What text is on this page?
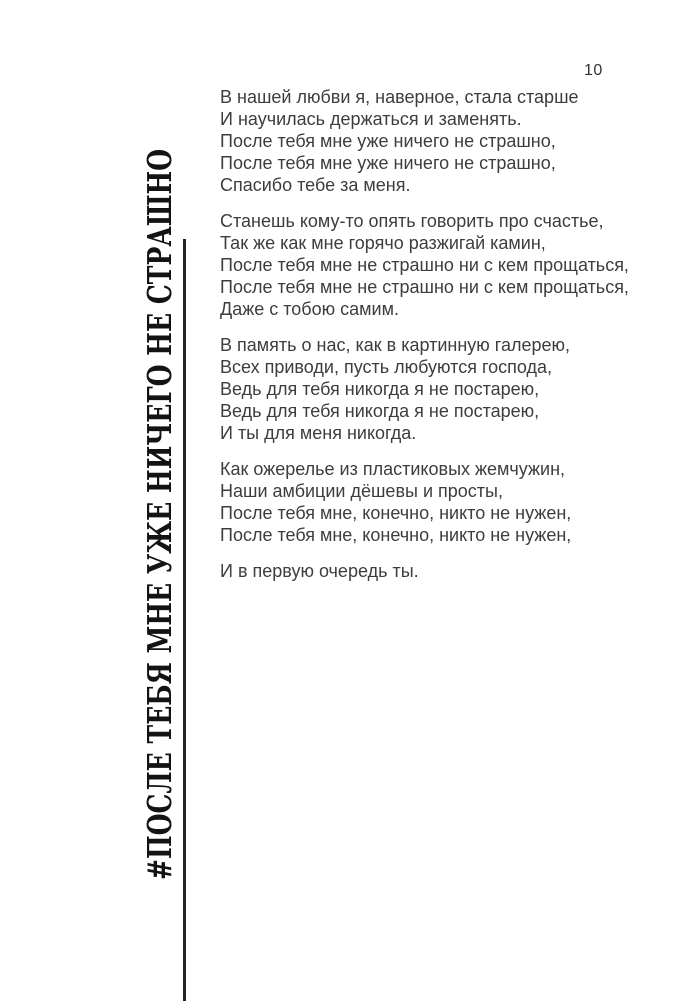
10
#ПОСЛЕ ТЕБЯ МНЕ УЖЕ НИЧЕГО НЕ СТРАШНО

В нашей любви я, наверное, стала старше
И научилась держаться и заменять.
После тебя мне уже ничего не страшно,
После тебя мне уже ничего не страшно,
Спасибо тебе за меня.

Станешь кому-то опять говорить про счастье,
Так же как мне горячо разжигай камин,
После тебя мне не страшно ни с кем прощаться,
После тебя мне не страшно ни с кем прощаться,
Даже с тобою самим.

В память о нас, как в картинную галерею,
Всех приводи, пусть любуются господа,
Ведь для тебя никогда я не постарею,
Ведь для тебя никогда я не постарею,
И ты для меня никогда.

Как ожерелье из пластиковых жемчужин,
Наши амбиции дёшевы и просты,
После тебя мне, конечно, никто не нужен,
После тебя мне, конечно, никто не нужен,

И в первую очередь ты.
